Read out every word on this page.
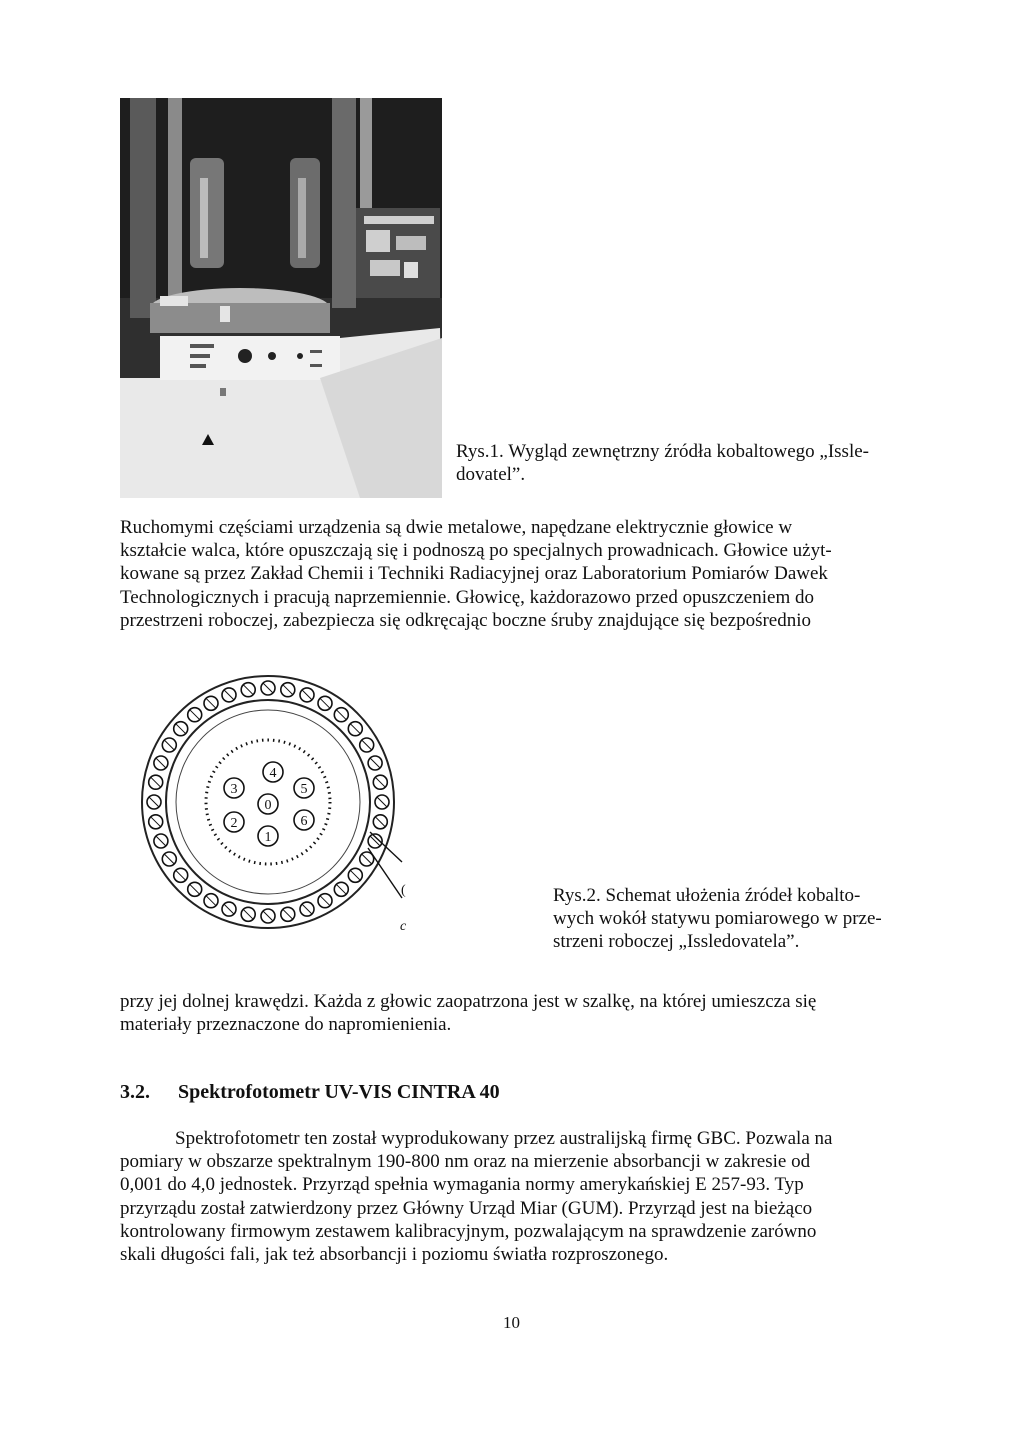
Rys.1. Wygląd zewnętrzny źródła kobaltowego „Issle-
dovatel”.
Ruchomymi częściami urządzenia są dwie metalowe, napędzane elektrycznie głowice w
kształcie walca, które opuszczają się i podnoszą po specjalnych prowadnicach. Głowice użyt-
kowane są przez Zakład Chemii i Techniki Radiacyjnej oraz Laboratorium Pomiarów Dawek
Technologicznych i pracują naprzemiennie. Głowicę, każdorazowo przed opuszczeniem do
przestrzeni roboczej, zabezpiecza się odkręcając boczne śruby znajdujące się bezpośrednio
0
1
2
3
4
5
6
(
c
Rys.2. Schemat ułożenia źródeł kobalto-
wych wokół statywu pomiarowego w prze-
strzeni roboczej „Issledovatela”.
przy jej dolnej krawędzi. Każda z głowic zaopatrzona jest w szalkę, na której umieszcza się
materiały przeznaczone do napromienienia.
3.2. Spektrofotometr UV-VIS CINTRA 40
Spektrofotometr ten został wyprodukowany przez australijską firmę GBC. Pozwala na
pomiary w obszarze spektralnym 190-800 nm oraz na mierzenie absorbancji w zakresie od
0,001 do 4,0 jednostek. Przyrząd spełnia wymagania normy amerykańskiej E 257-93. Typ
przyrządu został zatwierdzony przez Główny Urząd Miar (GUM). Przyrząd jest na bieżąco
kontrolowany firmowym zestawem kalibracyjnym, pozwalającym na sprawdzenie zarówno
skali długości fali, jak też absorbancji i poziomu światła rozproszonego.
10
